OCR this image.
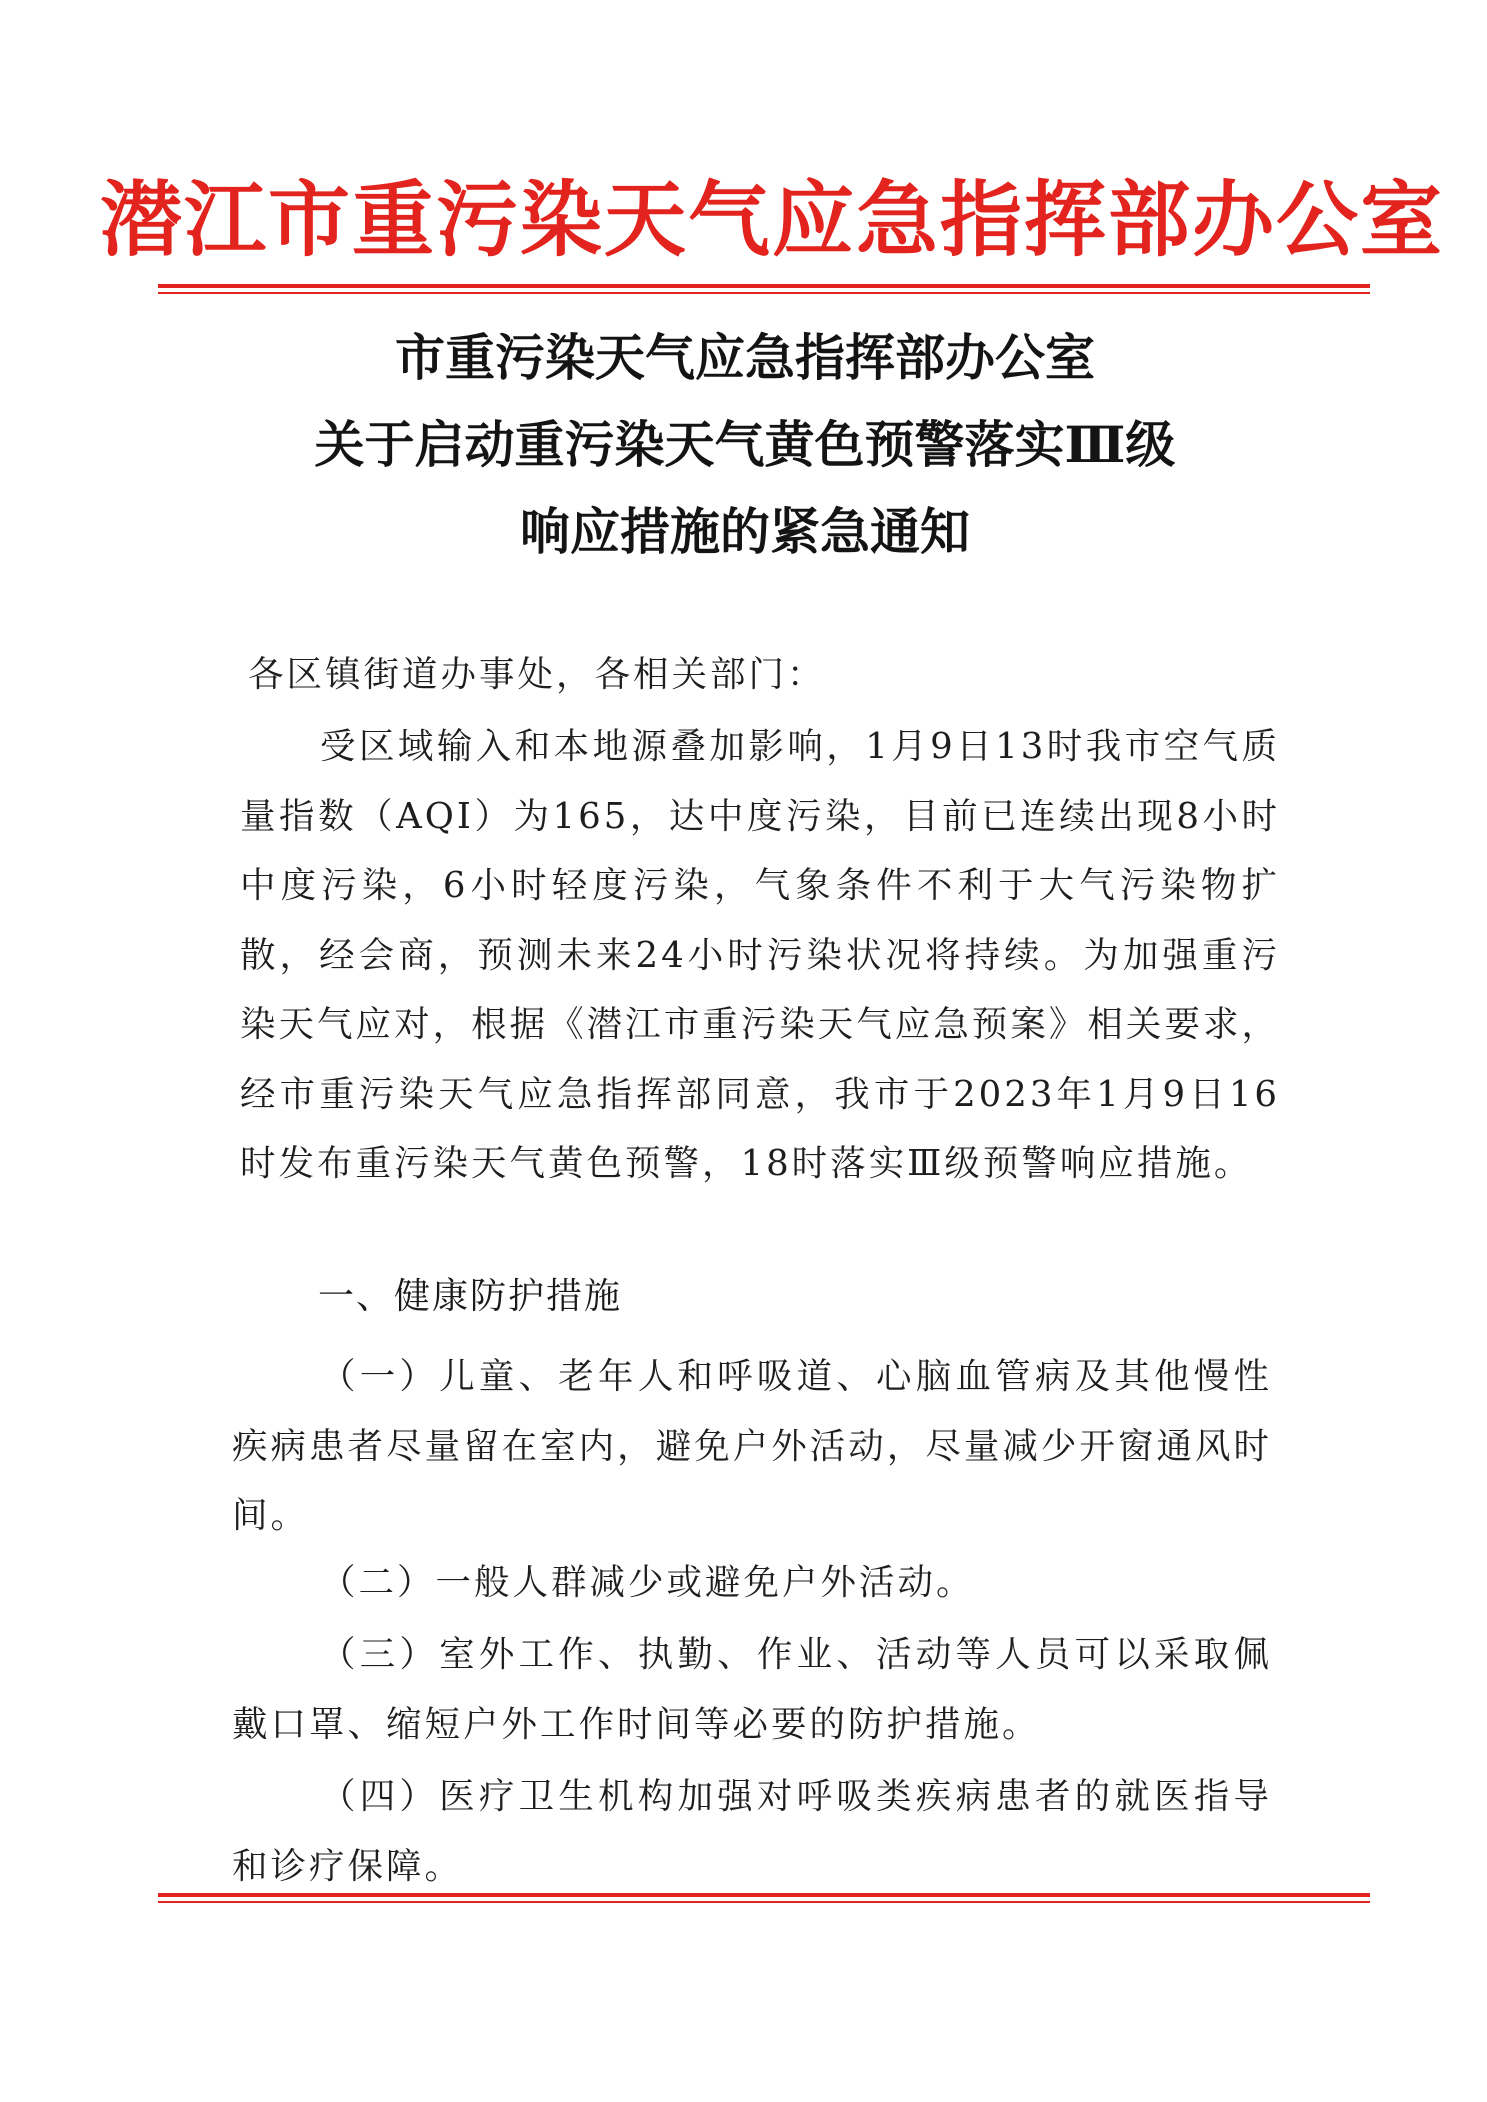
潜江市重污染天气应急指挥部办公室
市重污染天气应急指挥部办公室
关于启动重污染天气黄色预警落实Ⅲ级
响应措施的紧急通知
各区镇街道办事处，各相关部门：
受区域输入和本地源叠加影响，1月9日13时我市空气质量指数（AQI）为165，达中度污染，目前已连续出现8小时中度污染，6小时轻度污染，气象条件不利于大气污染物扩散，经会商，预测未来24小时污染状况将持续。为加强重污染天气应对，根据《潜江市重污染天气应急预案》相关要求，经市重污染天气应急指挥部同意，我市于2023年1月9日16时发布重污染天气黄色预警，18时落实Ⅲ级预警响应措施。
一、健康防护措施
（一）儿童、老年人和呼吸道、心脑血管病及其他慢性疾病患者尽量留在室内，避免户外活动，尽量减少开窗通风时间。
（二）一般人群减少或避免户外活动。
（三）室外工作、执勤、作业、活动等人员可以采取佩戴口罩、缩短户外工作时间等必要的防护措施。
（四）医疗卫生机构加强对呼吸类疾病患者的就医指导和诊疗保障。
